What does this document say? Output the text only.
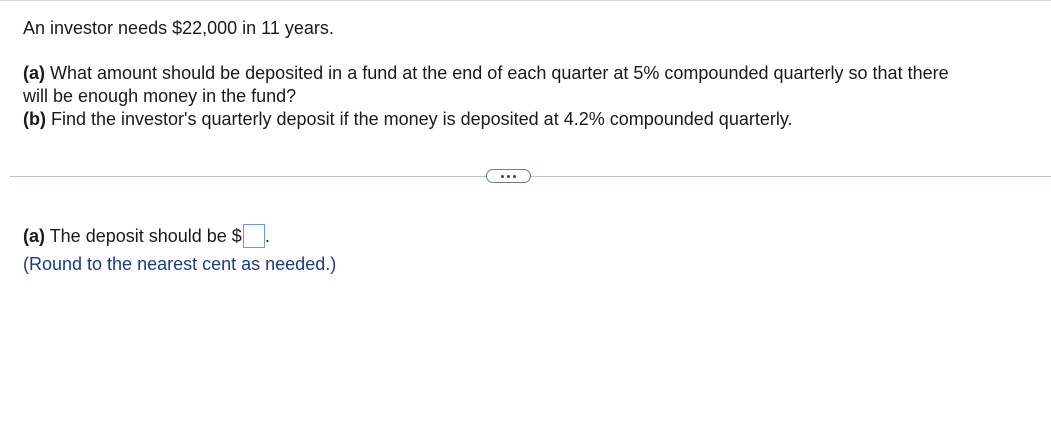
An investor needs $22,000 in 11 years.
(a) What amount should be deposited in a fund at the end of each quarter at 5% compounded quarterly so that there
will be enough money in the fund?
(b) Find the investor's quarterly deposit if the money is deposited at 4.2% compounded quarterly.
(a) The deposit should be $ .
(Round to the nearest cent as needed.)
